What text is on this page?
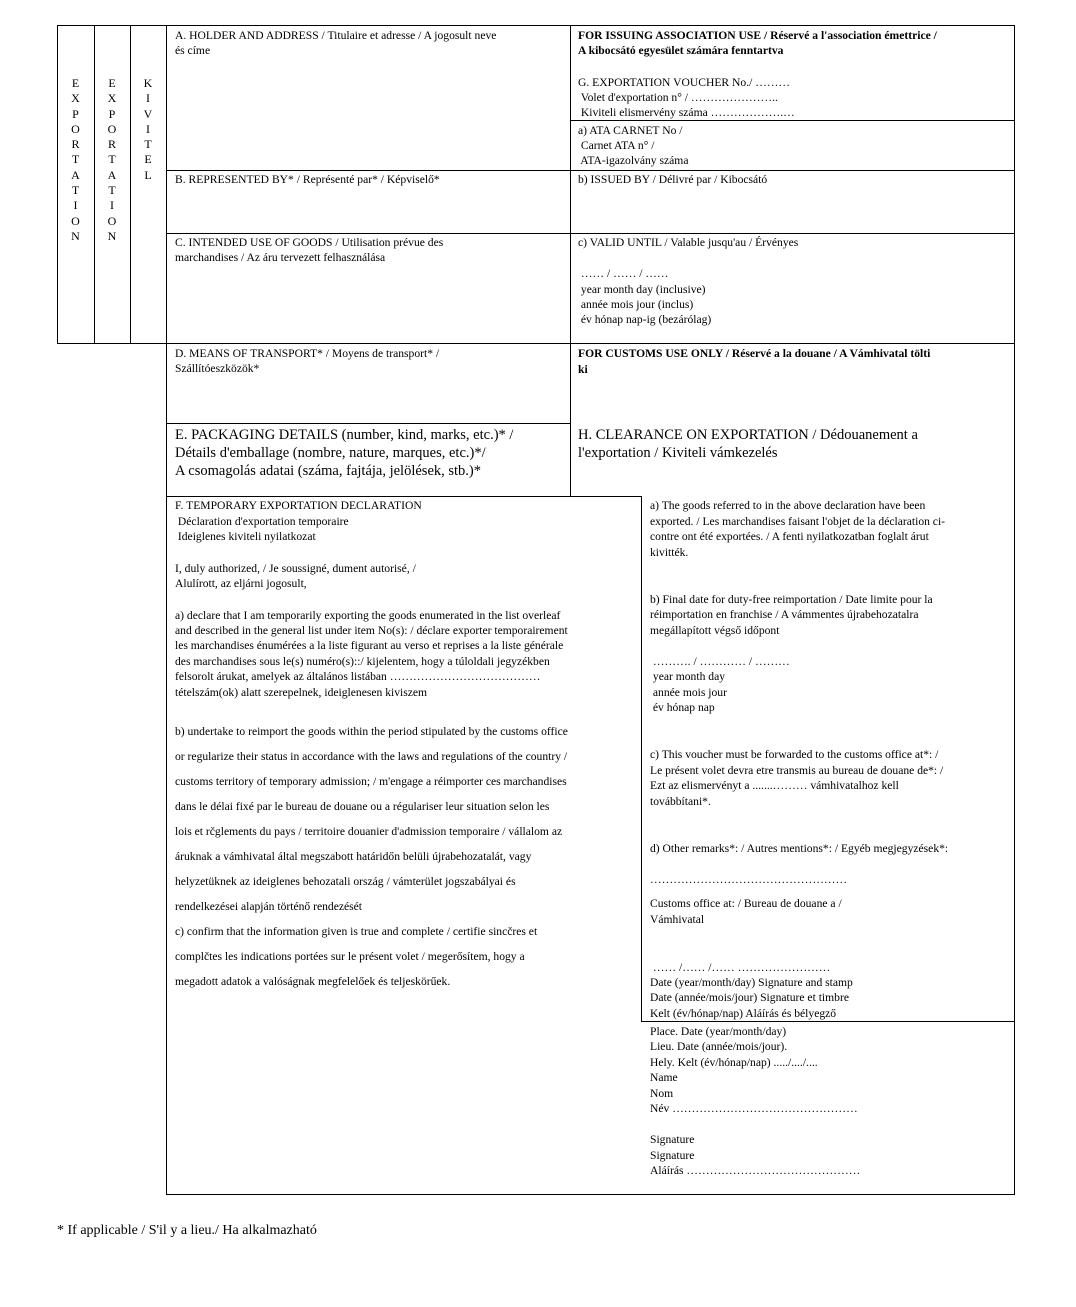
E
X
P
O
R
T
A
T
I
O
N
E
X
P
O
R
T
A
T
I
O
N
K
I
V
I
T
E
L
A. HOLDER AND ADDRESS / Titulaire et adresse / A jogosult neve
és címe
FOR ISSUING ASSOCIATION USE / Réservé a l'association émettrice /
A kibocsátó egyesület számára fenntartva
G. EXPORTATION VOUCHER No./ ………
Volet d'exportation n° / …………………..
Kiviteli elismervény száma ……………….…
a) ATA CARNET No /
Carnet ATA n° /
ATA-igazolvány száma
B. REPRESENTED BY* / Représenté par* / Képviselő*	b) ISSUED BY / Délivré par / Kibocsátó
C. INTENDED USE OF GOODS / Utilisation prévue des
marchandises / Az áru tervezett felhasználása
c) VALID UNTIL / Valable jusqu'au / Érvényes
…… / …… / ……
year month day (inclusive)
année mois jour (inclus)
év hónap nap-ig (bezárólag)
D. MEANS OF TRANSPORT* / Moyens de transport* /
Szállítóeszközök*
FOR CUSTOMS USE ONLY / Réservé a la douane / A Vámhivatal tölti
ki
E. PACKAGING DETAILS (number, kind, marks, etc.)* /
Détails d'emballage (nombre, nature, marques, etc.)*/
A csomagolás adatai (száma, fajtája, jelölések, stb.)*
H. CLEARANCE ON EXPORTATION / Dédouanement a
l'exportation / Kiviteli vámkezelés
F. TEMPORARY EXPORTATION DECLARATION
Déclaration d'exportation temporaire
Ideiglenes kiviteli nyilatkozat
I, duly authorized, / Je soussigné, dument autorisé, /
Alulírott, az eljárni jogosult,
a) declare that I am temporarily exporting the goods enumerated in the list overleaf
and described in the general list under item No(s): / déclare exporter temporairement
les marchandises énumérées a la liste figurant au verso et reprises a la liste générale
des marchandises sous le(s) numéro(s)::/ kijelentem, hogy a túloldali jegyzékben
felsorolt árukat, amelyek az általános listában …………………………………
tételszám(ok) alatt szerepelnek, ideiglenesen kiviszem
b) undertake to reimport the goods within the period stipulated by the customs office
or regularize their status in accordance with the laws and regulations of the country /
customs territory of temporary admission; / m'engage a réimporter ces marchandises
dans le délai fixé par le bureau de douane ou a régulariser leur situation selon les
lois et rčglements du pays / territoire douanier d'admission temporaire / vállalom az
áruknak a vámhivatal által megszabott határidőn belüli újrabehozatalát, vagy
helyzetüknek az ideiglenes behozatali ország / vámterület jogszabályai és
rendelkezései alapján történő rendezését
c) confirm that the information given is true and complete / certifie sincčres et
complčtes les indications portées sur le présent volet / megerősítem, hogy a
megadott adatok a valóságnak megfelelőek és teljeskörűek.
a) The goods referred to in the above declaration have been
exported. / Les marchandises faisant l'objet de la déclaration ci-
contre ont été exportées. / A fenti nyilatkozatban foglalt árut
kivitték.
b) Final date for duty-free reimportation / Date limite pour la
réimportation en franchise / A vámmentes újrabehozatalra
megállapított végső időpont
………. / ………… / ………
year month day
année mois jour
év hónap nap
c) This voucher must be forwarded to the customs office at*: /
Le présent volet devra etre transmis au bureau de douane de*: /
Ezt az elismervényt a .......……… vámhivatalhoz kell
továbbítani*.
d) Other remarks*: / Autres mentions*: / Egyéb megjegyzések*:
……………………………………………
Customs office at: / Bureau de douane a /
Vámhivatal
…… /…… /…… ……………………
Date (year/month/day) Signature and stamp
Date (année/mois/jour) Signature et timbre
Kelt (év/hónap/nap) Aláírás és bélyegző
Place. Date (year/month/day)
Lieu. Date (année/mois/jour).
Hely. Kelt (év/hónap/nap) ...../..../....
Name
Nom
Név …………………………………………
Signature
Signature
Aláírás ………………………………………
* If applicable / S'il y a lieu./ Ha alkalmazható
